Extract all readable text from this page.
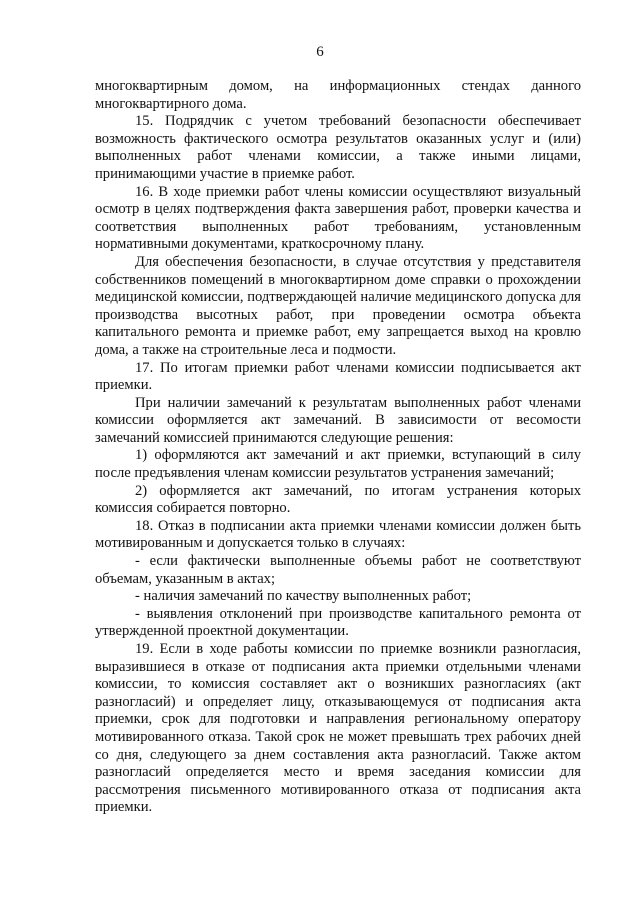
6

многоквартирным домом, на информационных стендах данного многоквартирного дома.

15. Подрядчик с учетом требований безопасности обеспечивает возможность фактического осмотра результатов оказанных услуг и (или) выполненных работ членами комиссии, а также иными лицами, принимающими участие в приемке работ.

16. В ходе приемки работ члены комиссии осуществляют визуальный осмотр в целях подтверждения факта завершения работ, проверки качества и соответствия выполненных работ требованиям, установленным нормативными документами, краткосрочному плану.

Для обеспечения безопасности, в случае отсутствия у представителя собственников помещений в многоквартирном доме справки о прохождении медицинской комиссии, подтверждающей наличие медицинского допуска для производства высотных работ, при проведении осмотра объекта капитального ремонта и приемке работ, ему запрещается выход на кровлю дома, а также на строительные леса и подмости.

17. По итогам приемки работ членами комиссии подписывается акт приемки.

При наличии замечаний к результатам выполненных работ членами комиссии оформляется акт замечаний. В зависимости от весомости замечаний комиссией принимаются следующие решения:

1) оформляются акт замечаний и акт приемки, вступающий в силу после предъявления членам комиссии результатов устранения замечаний;

2) оформляется акт замечаний, по итогам устранения которых комиссия собирается повторно.

18. Отказ в подписании акта приемки членами комиссии должен быть мотивированным и допускается только в случаях:

- если фактически выполненные объемы работ не соответствуют объемам, указанным в актах;

- наличия замечаний по качеству выполненных работ;

- выявления отклонений при производстве капитального ремонта от утвержденной проектной документации.

19. Если в ходе работы комиссии по приемке возникли разногласия, выразившиеся в отказе от подписания акта приемки отдельными членами комиссии, то комиссия составляет акт о возникших разногласиях (акт разногласий) и определяет лицу, отказывающемуся от подписания акта приемки, срок для подготовки и направления региональному оператору мотивированного отказа. Такой срок не может превышать трех рабочих дней со дня, следующего за днем составления акта разногласий. Также актом разногласий определяется место и время заседания комиссии для рассмотрения письменного мотивированного отказа от подписания акта приемки.
